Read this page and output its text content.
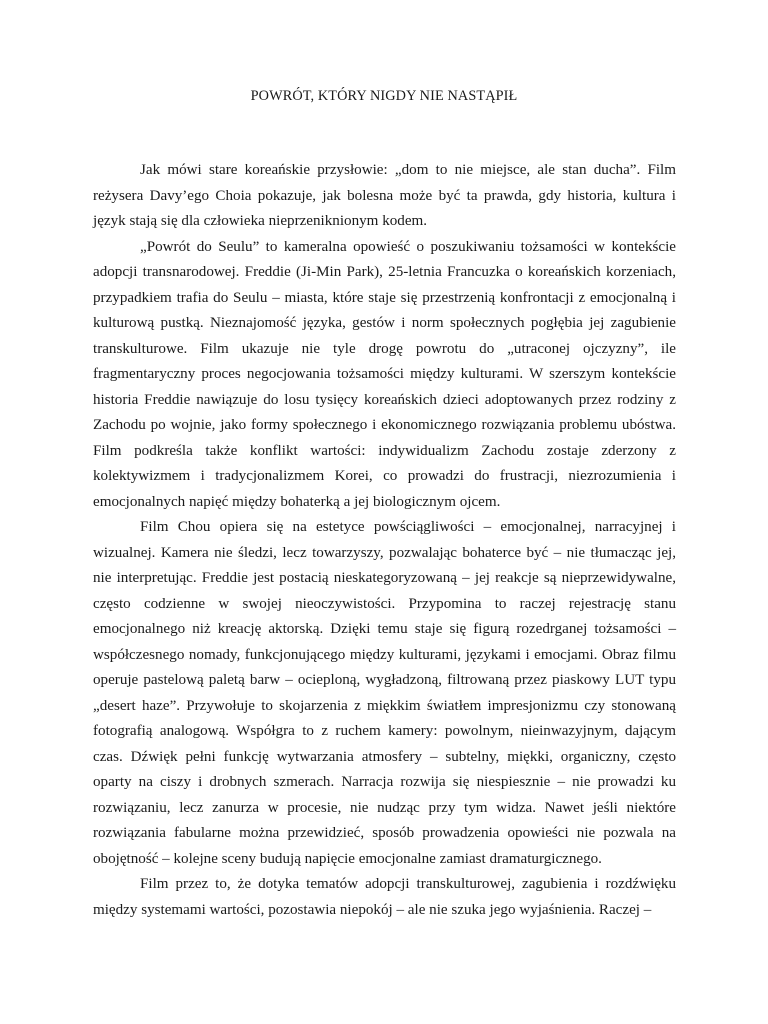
POWRÓT, KTÓRY NIGDY NIE NASTĄPIŁ

Jak mówi stare koreańskie przysłowie: „dom to nie miejsce, ale stan ducha”. Film reżysera Davy’ego Choia pokazuje, jak bolesna może być ta prawda, gdy historia, kultura i język stają się dla człowieka nieprzeniknionym kodem.

„Powrót do Seulu” to kameralna opowieść o poszukiwaniu tożsamości w kontekście adopcji transnarodowej. Freddie (Ji-Min Park), 25-letnia Francuzka o koreańskich korzeniach, przypadkiem trafia do Seulu – miasta, które staje się przestrzenią konfrontacji z emocjonalną i kulturową pustką. Nieznajomość języka, gestów i norm społecznych pogłębia jej zagubienie transkulturowe. Film ukazuje nie tyle drogę powrotu do „utraconej ojczyzny”, ile fragmentaryczny proces negocjowania tożsamości między kulturami. W szerszym kontekście historia Freddie nawiązuje do losu tysięcy koreańskich dzieci adoptowanych przez rodziny z Zachodu po wojnie, jako formy społecznego i ekonomicznego rozwiązania problemu ubóstwa. Film podkreśla także konflikt wartości: indywidualizm Zachodu zostaje zderzony z kolektywizmem i tradycjonalizmem Korei, co prowadzi do frustracji, niezrozumienia i emocjonalnych napięć między bohaterką a jej biologicznym ojcem.

Film Chou opiera się na estetyce powściągliwości – emocjonalnej, narracyjnej i wizualnej. Kamera nie śledzi, lecz towarzyszy, pozwalając bohaterce być – nie tłumacząc jej, nie interpretując. Freddie jest postacią nieskategoryzowaną – jej reakcje są nieprzewidywalne, często codzienne w swojej nieoczywistości. Przypomina to raczej rejestrację stanu emocjonalnego niż kreację aktorską. Dzięki temu staje się figurą rozedrganej tożsamości – współczesnego nomady, funkcjonującego między kulturami, językami i emocjami. Obraz filmu operuje pastelową paletą barw – ocieploną, wygładzoną, filtrowaną przez piaskowy LUT typu „desert haze”. Przywołuje to skojarzenia z miękkim światłem impresjonizmu czy stonowaną fotografią analogową. Współgra to z ruchem kamery: powolnym, nieinwazyjnym, dającym czas. Dźwięk pełni funkcję wytwarzania atmosfery – subtelny, miękki, organiczny, często oparty na ciszy i drobnych szmerach. Narracja rozwija się niespiesznie – nie prowadzi ku rozwiązaniu, lecz zanurza w procesie, nie nudząc przy tym widza. Nawet jeśli niektóre rozwiązania fabularne można przewidzieć, sposób prowadzenia opowieści nie pozwala na obojętność – kolejne sceny budują napięcie emocjonalne zamiast dramaturgicznego.

Film przez to, że dotyka tematów adopcji transkulturowej, zagubienia i rozdźwięku między systemami wartości, pozostawia niepokój – ale nie szuka jego wyjaśnienia. Raczej –
